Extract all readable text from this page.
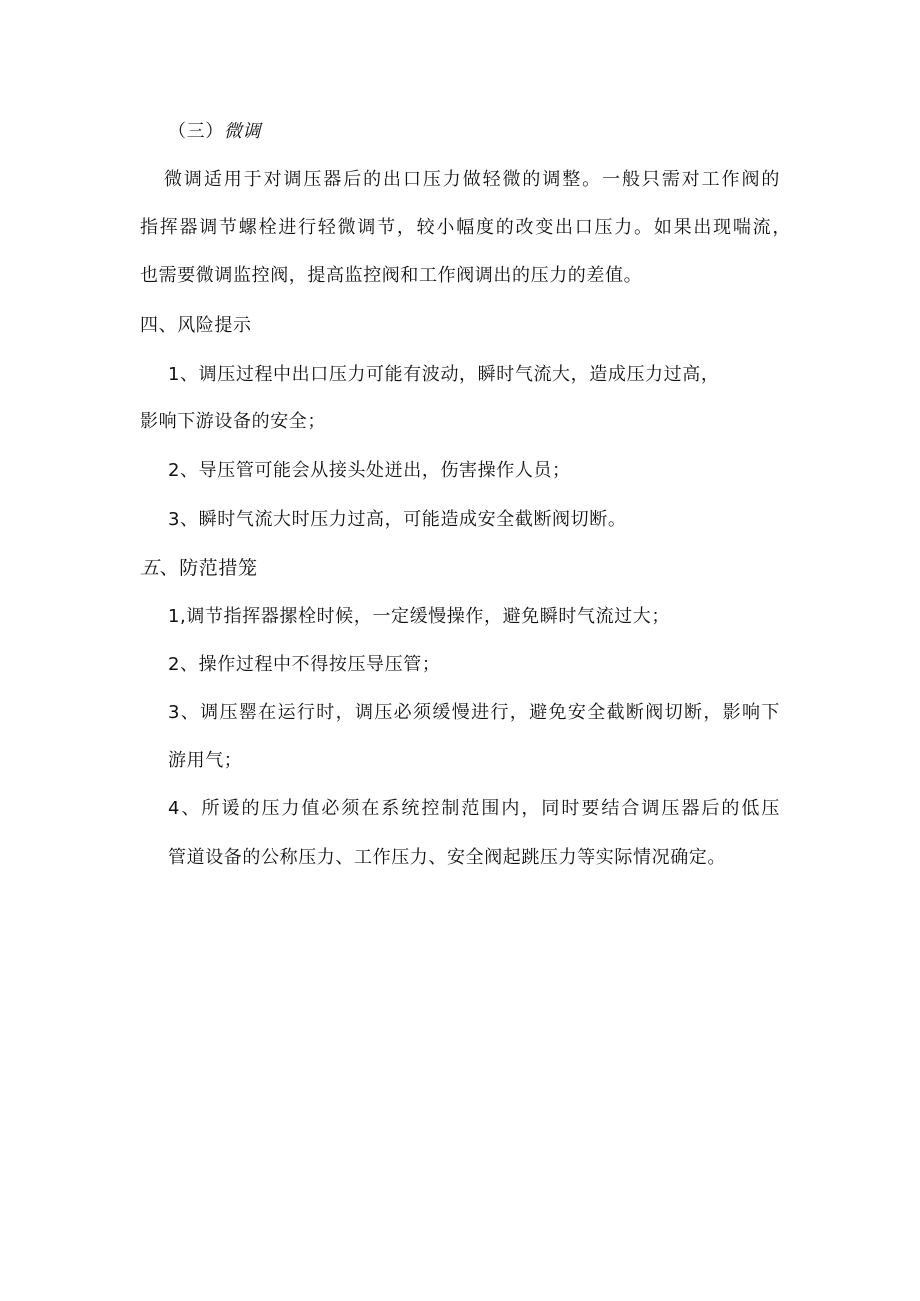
（三）微调
微调适用于对调压器后的出口压力做轻微的调整。一般只需对工作阀的
指挥器调节螺栓进行轻微调节，较小幅度的改变出口压力。如果出现喘流，
也需要微调监控阀，提高监控阀和工作阀调出的压力的差值。
四、风险提示
1、调压过程中出口压力可能有波动，瞬时气流大，造成压力过高，
影响下游设备的安全；
2、导压管可能会从接头处迸出，伤害操作人员；
3、瞬时气流大时压力过高，可能造成安全截断阀切断。
五、防范措笼
1,调节指挥器摞栓时候，一定缓慢操作，避免瞬时气流过大；
2、操作过程中不得按压导压管；
3、调压罂在运行时，调压必须缓慢进行，避免安全截断阀切断，影响下
游用气；
4、所谖的压力值必须在系统控制范围内，同时要结合调压器后的低压
管道设备的公称压力、工作压力、安全阀起跳压力等实际情况确定。
